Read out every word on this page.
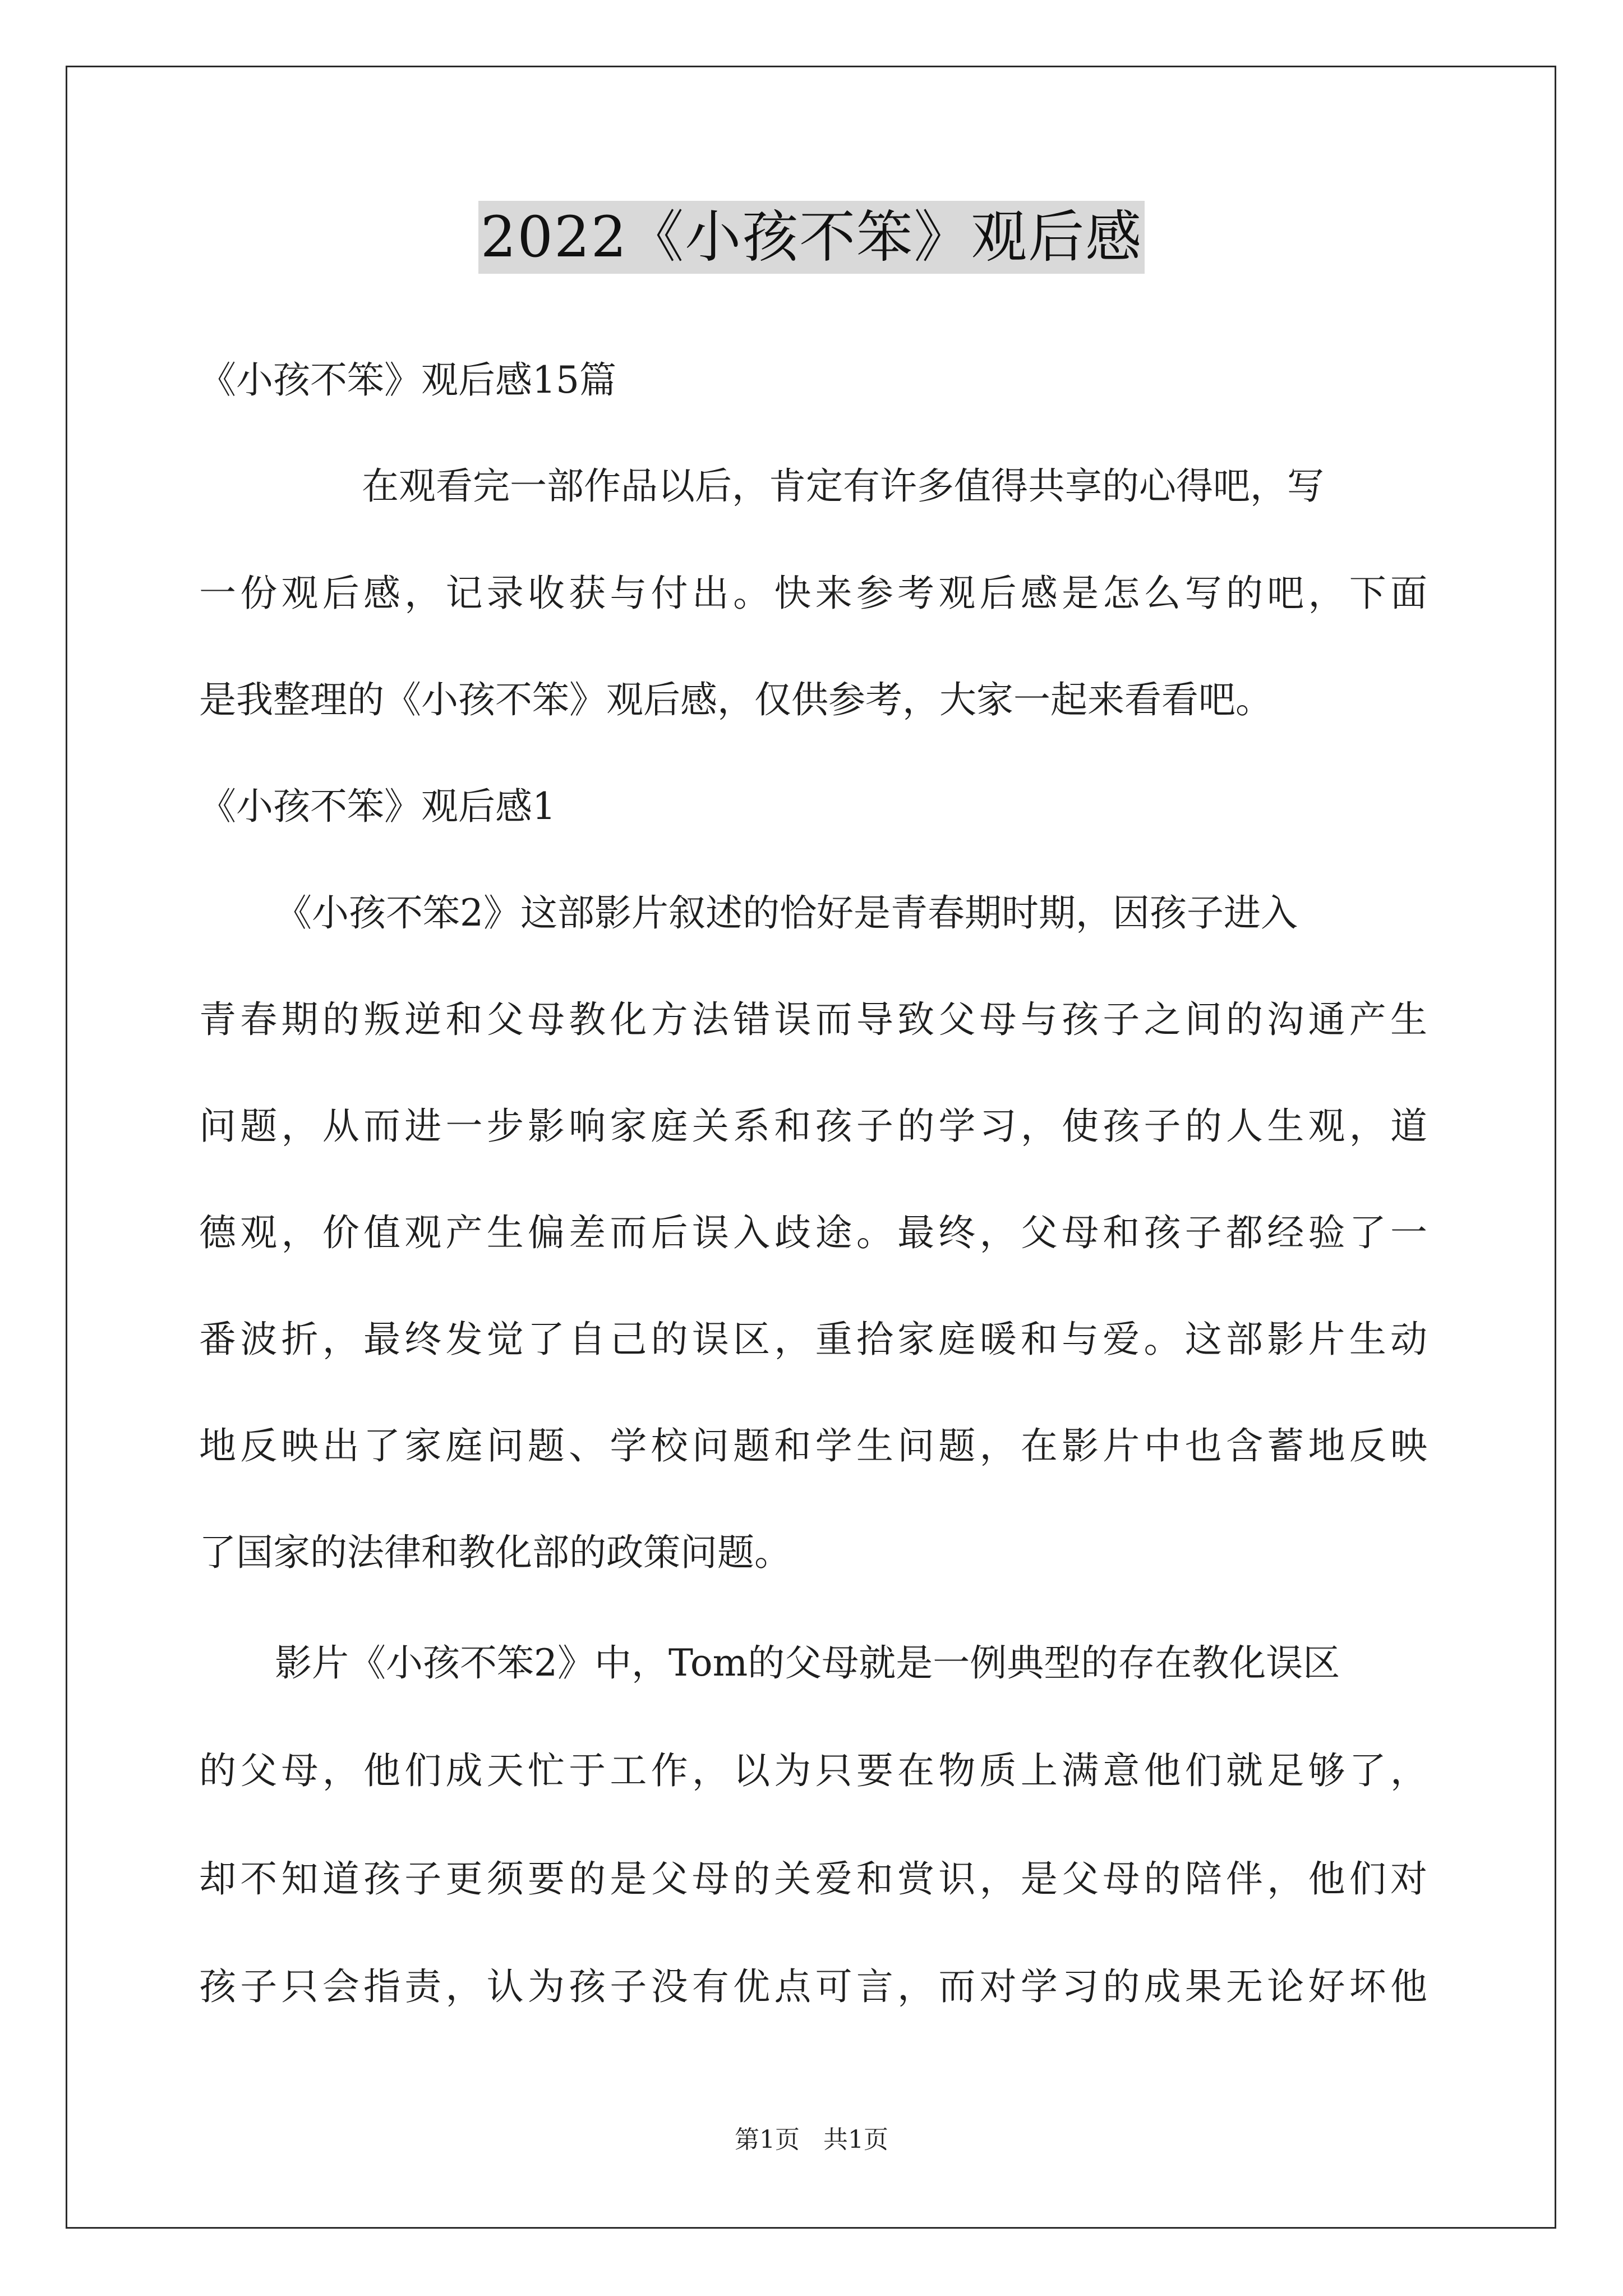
2022《小孩不笨》观后感
《小孩不笨》观后感15篇
在观看完一部作品以后，肯定有许多值得共享的心得吧，写
一份观后感，记录收获与付出。快来参考观后感是怎么写的吧，下面
是我整理的《小孩不笨》观后感，仅供参考，大家一起来看看吧。
《小孩不笨》观后感1
《小孩不笨2》这部影片叙述的恰好是青春期时期，因孩子进入
青春期的叛逆和父母教化方法错误而导致父母与孩子之间的沟通产生
问题，从而进一步影响家庭关系和孩子的学习，使孩子的人生观，道
德观，价值观产生偏差而后误入歧途。最终，父母和孩子都经验了一
番波折，最终发觉了自己的误区，重拾家庭暖和与爱。这部影片生动
地反映出了家庭问题、学校问题和学生问题，在影片中也含蓄地反映
了国家的法律和教化部的政策问题。
影片《小孩不笨2》中，Tom的父母就是一例典型的存在教化误区
的父母，他们成天忙于工作，以为只要在物质上满意他们就足够了，
却不知道孩子更须要的是父母的关爱和赏识，是父母的陪伴，他们对
孩子只会指责，认为孩子没有优点可言，而对学习的成果无论好坏他
第1页   共1页
